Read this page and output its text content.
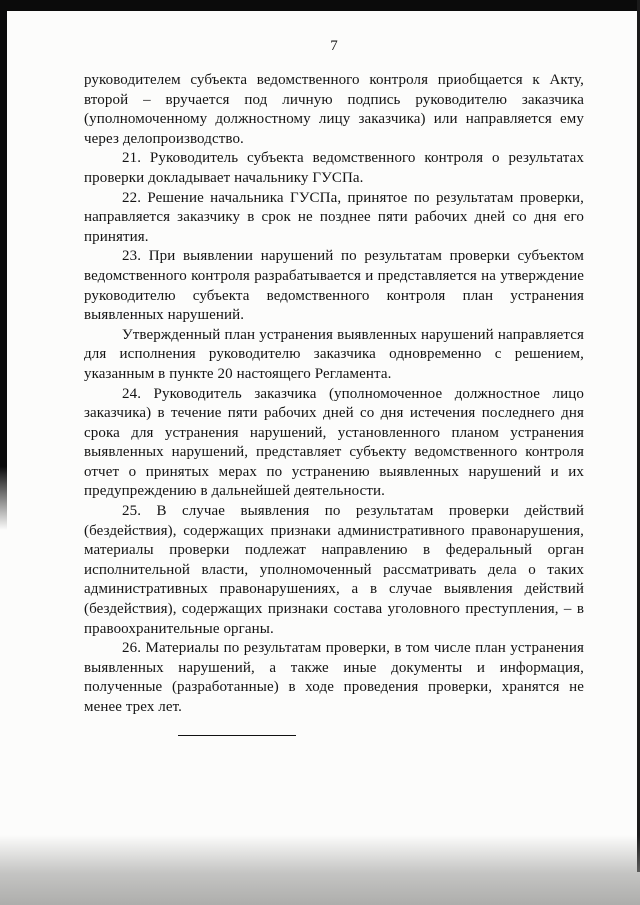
7

руководителем субъекта ведомственного контроля приобщается к Акту, второй – вручается под личную подпись руководителю заказчика (уполномоченному должностному лицу заказчика) или направляется ему через делопроизводство.

21. Руководитель субъекта ведомственного контроля о результатах проверки докладывает начальнику ГУСПа.

22. Решение начальника ГУСПа, принятое по результатам проверки, направляется заказчику в срок не позднее пяти рабочих дней со дня его принятия.

23. При выявлении нарушений по результатам проверки субъектом ведомственного контроля разрабатывается и представляется на утверждение руководителю субъекта ведомственного контроля план устранения выявленных нарушений.

Утвержденный план устранения выявленных нарушений направляется для исполнения руководителю заказчика одновременно с решением, указанным в пункте 20 настоящего Регламента.

24. Руководитель заказчика (уполномоченное должностное лицо заказчика) в течение пяти рабочих дней со дня истечения последнего дня срока для устранения нарушений, установленного планом устранения выявленных нарушений, представляет субъекту ведомственного контроля отчет о принятых мерах по устранению выявленных нарушений и их предупреждению в дальнейшей деятельности.

25. В случае выявления по результатам проверки действий (бездействия), содержащих признаки административного правонарушения, материалы проверки подлежат направлению в федеральный орган исполнительной власти, уполномоченный рассматривать дела о таких административных правонарушениях, а в случае выявления действий (бездействия), содержащих признаки состава уголовного преступления, – в правоохранительные органы.

26. Материалы по результатам проверки, в том числе план устранения выявленных нарушений, а также иные документы и информация, полученные (разработанные) в ходе проведения проверки, хранятся не менее трех лет.
